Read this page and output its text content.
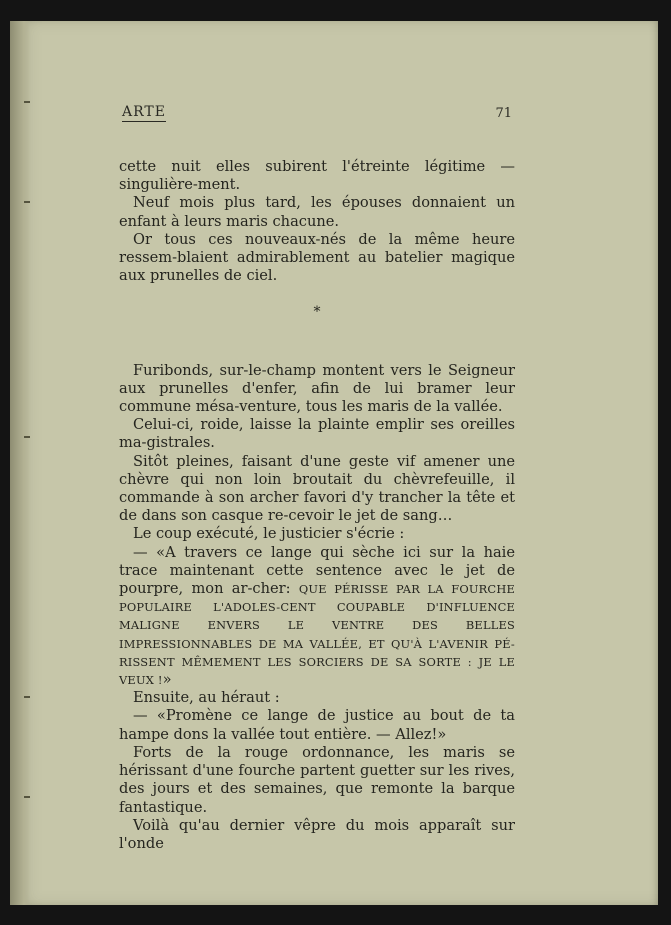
ARTE	71

cette nuit elles subirent l'étreinte légitime — singulière-ment.

Neuf mois plus tard, les épouses donnaient un enfant à leurs maris chacune.

Or tous ces nouveaux-nés de la même heure ressem-blaient admirablement au batelier magique aux prunelles de ciel.

*

Furibonds, sur-le-champ montent vers le Seigneur aux prunelles d'enfer, afin de lui bramer leur commune mésa-venture, tous les maris de la vallée.

Celui-ci, roide, laisse la plainte emplir ses oreilles ma-gistrales.

Sitôt pleines, faisant d'une geste vif amener une chèvre qui non loin broutait du chèvrefeuille, il commande à son archer favori d'y trancher la tête et de dans son casque re-cevoir le jet de sang…

Le coup exécuté, le justicier s'écrie :

— «A travers ce lange qui sèche ici sur la haie trace maintenant cette sentence avec le jet de pourpre, mon ar-cher: QUE PÉRISSE PAR LA FOURCHE POPULAIRE L'ADOLES-CENT COUPABLE D'INFLUENCE MALIGNE ENVERS LE VENTRE DES BELLES IMPRESSIONNABLES DE MA VALLÉE, ET QU'À L'AVENIR PÉ-RISSENT MÊMEMENT LES SORCIERS DE SA SORTE : JE LE VEUX !»

Ensuite, au héraut :

— «Promène ce lange de justice au bout de ta hampe dons la vallée tout entière. — Allez!»

Forts de la rouge ordonnance, les maris se hérissant d'une fourche partent guetter sur les rives, des jours et des semaines, que remonte la barque fantastique.

Voilà qu'au dernier vêpre du mois apparaît sur l'onde
